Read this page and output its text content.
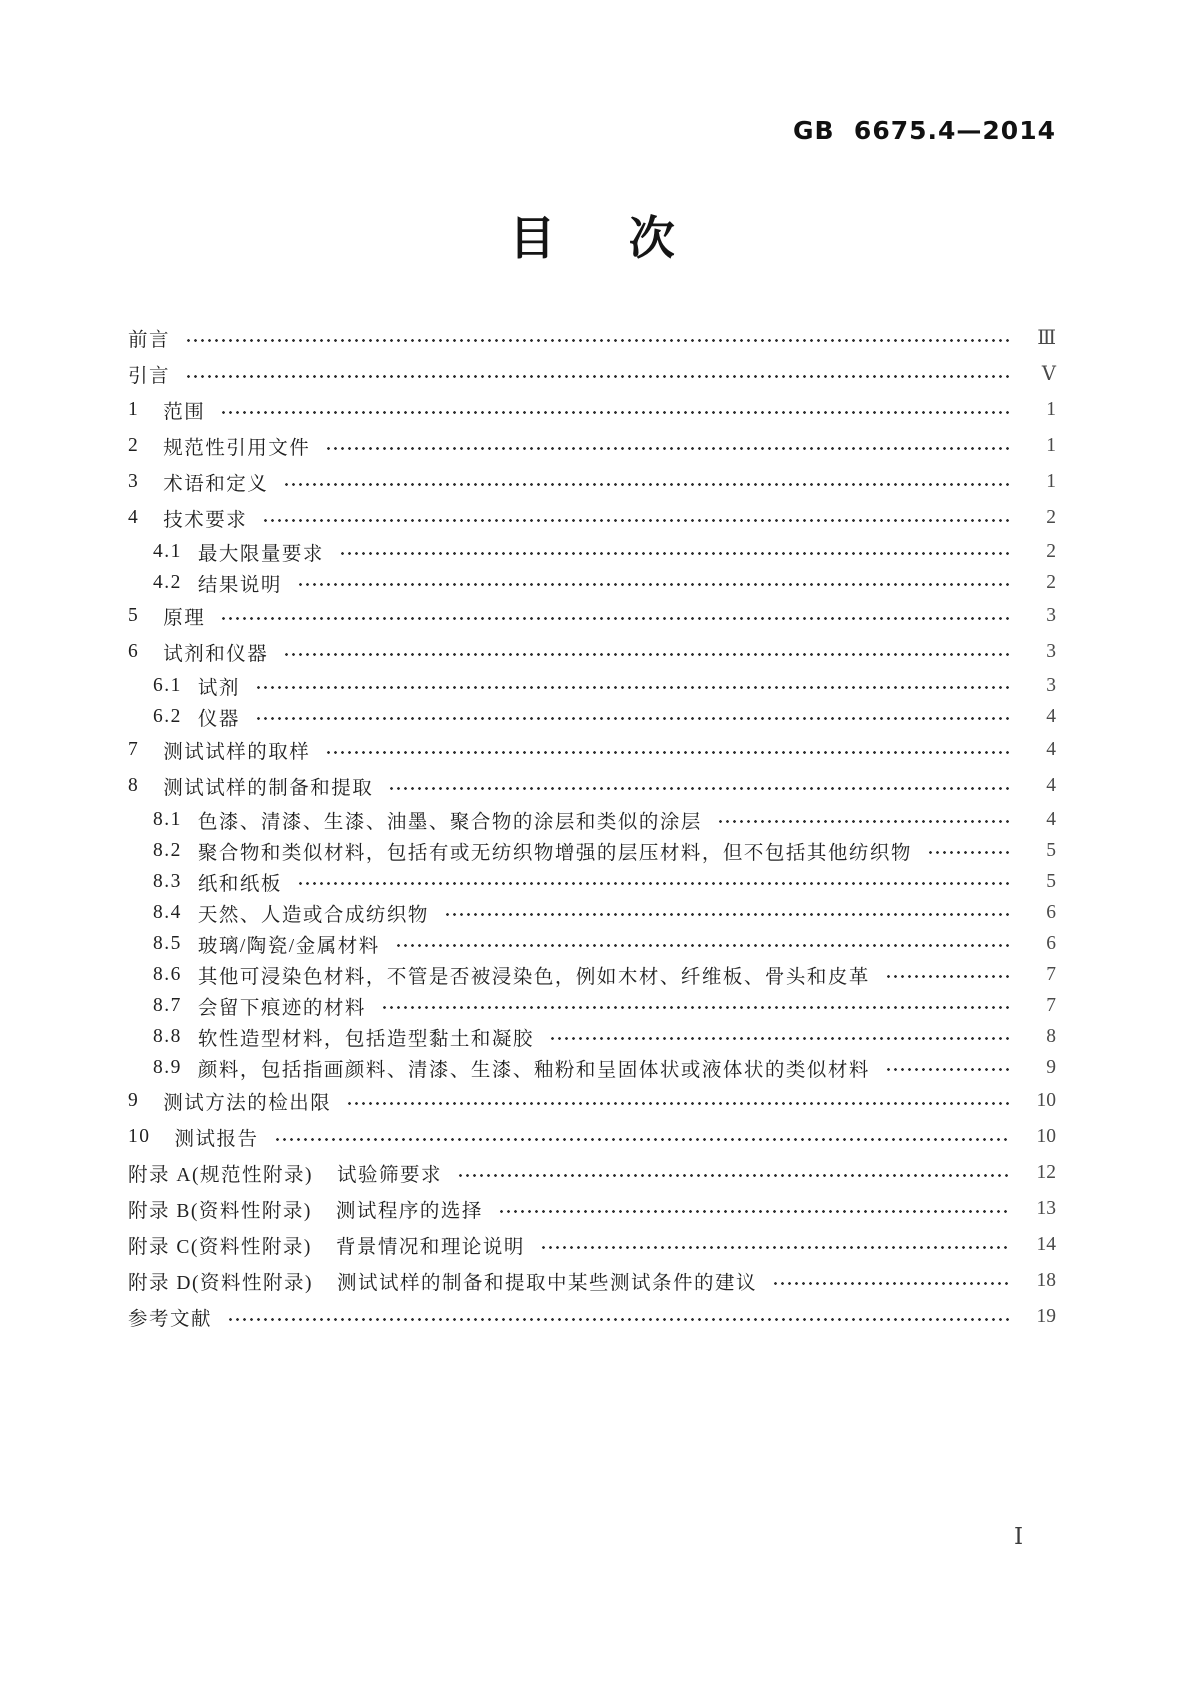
GB  6675.4—2014
目　次
前言	Ⅲ
引言	Ⅴ
1 范围	1
2 规范性引用文件	1
3 术语和定义	1
4 技术要求	2
4.1 最大限量要求	2
4.2 结果说明	2
5 原理	3
6 试剂和仪器	3
6.1 试剂	3
6.2 仪器	4
7 测试试样的取样	4
8 测试试样的制备和提取	4
8.1 色漆、清漆、生漆、油墨、聚合物的涂层和类似的涂层	4
8.2 聚合物和类似材料，包括有或无纺织物增强的层压材料，但不包括其他纺织物	5
8.3 纸和纸板	5
8.4 天然、人造或合成纺织物	6
8.5 玻璃/陶瓷/金属材料	6
8.6 其他可浸染色材料，不管是否被浸染色，例如木材、纤维板、骨头和皮革	7
8.7 会留下痕迹的材料	7
8.8 软性造型材料，包括造型黏土和凝胶	8
8.9 颜料，包括指画颜料、清漆、生漆、釉粉和呈固体状或液体状的类似材料	9
9 测试方法的检出限	10
10 测试报告	10
附录 A(规范性附录) 试验筛要求	12
附录 B(资料性附录) 测试程序的选择	13
附录 C(资料性附录) 背景情况和理论说明	14
附录 D(资料性附录) 测试试样的制备和提取中某些测试条件的建议	18
参考文献	19
Ⅰ
